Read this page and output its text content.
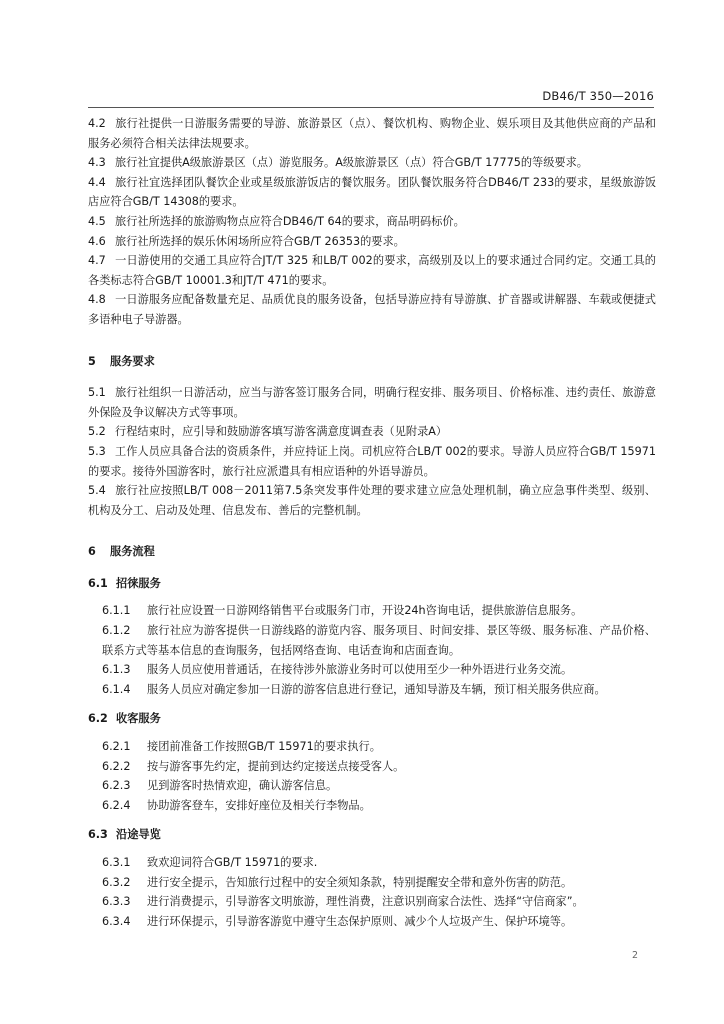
DB46/T 350—2016

4.2 旅行社提供一日游服务需要的导游、旅游景区（点）、餐饮机构、购物企业、娱乐项目及其他供应商的产品和服务必须符合相关法律法规要求。

4.3 旅行社宜提供A级旅游景区（点）游览服务。A级旅游景区（点）符合GB/T 17775的等级要求。

4.4 旅行社宜选择团队餐饮企业或星级旅游饭店的餐饮服务。团队餐饮服务符合DB46/T 233的要求，星级旅游饭店应符合GB/T 14308的要求。

4.5 旅行社所选择的旅游购物点应符合DB46/T 64的要求，商品明码标价。

4.6 旅行社所选择的娱乐休闲场所应符合GB/T 26353的要求。

4.7 一日游使用的交通工具应符合JT/T 325 和LB/T 002的要求，高级别及以上的要求通过合同约定。交通工具的各类标志符合GB/T 10001.3和JT/T 471的要求。

4.8 一日游服务应配备数量充足、品质优良的服务设备，包括导游应持有导游旗、扩音器或讲解器、车载或便捷式多语种电子导游器。

5 服务要求

5.1 旅行社组织一日游活动，应当与游客签订服务合同，明确行程安排、服务项目、价格标准、违约责任、旅游意外保险及争议解决方式等事项。

5.2 行程结束时，应引导和鼓励游客填写游客满意度调查表（见附录A）

5.3 工作人员应具备合法的资质条件，并应持证上岗。司机应符合LB/T 002的要求。导游人员应符合GB/T 15971的要求。接待外国游客时，旅行社应派遣具有相应语种的外语导游员。

5.4 旅行社应按照LB/T 008－2011第7.5条突发事件处理的要求建立应急处理机制，确立应急事件类型、级别、机构及分工、启动及处理、信息发布、善后的完整机制。

6 服务流程
6.1 招徕服务

6.1.1 旅行社应设置一日游网络销售平台或服务门市，开设24h咨询电话，提供旅游信息服务。

6.1.2 旅行社应为游客提供一日游线路的游览内容、服务项目、时间安排、景区等级、服务标准、产品价格、联系方式等基本信息的查询服务，包括网络查询、电话查询和店面查询。

6.1.3 服务人员应使用普通话，在接待涉外旅游业务时可以使用至少一种外语进行业务交流。

6.1.4 服务人员应对确定参加一日游的游客信息进行登记，通知导游及车辆，预订相关服务供应商。

6.2 收客服务

6.2.1 接团前准备工作按照GB/T 15971的要求执行。

6.2.2 按与游客事先约定，提前到达约定接送点接受客人。

6.2.3 见到游客时热情欢迎，确认游客信息。

6.2.4 协助游客登车，安排好座位及相关行李物品。

6.3 沿途导览

6.3.1 致欢迎词符合GB/T 15971的要求.

6.3.2 进行安全提示，告知旅行过程中的安全须知条款，特别提醒安全带和意外伤害的防范。

6.3.3 进行消费提示，引导游客文明旅游，理性消费，注意识别商家合法性、选择“守信商家”。

6.3.4 进行环保提示，引导游客游览中遵守生态保护原则、减少个人垃圾产生、保护环境等。

2
